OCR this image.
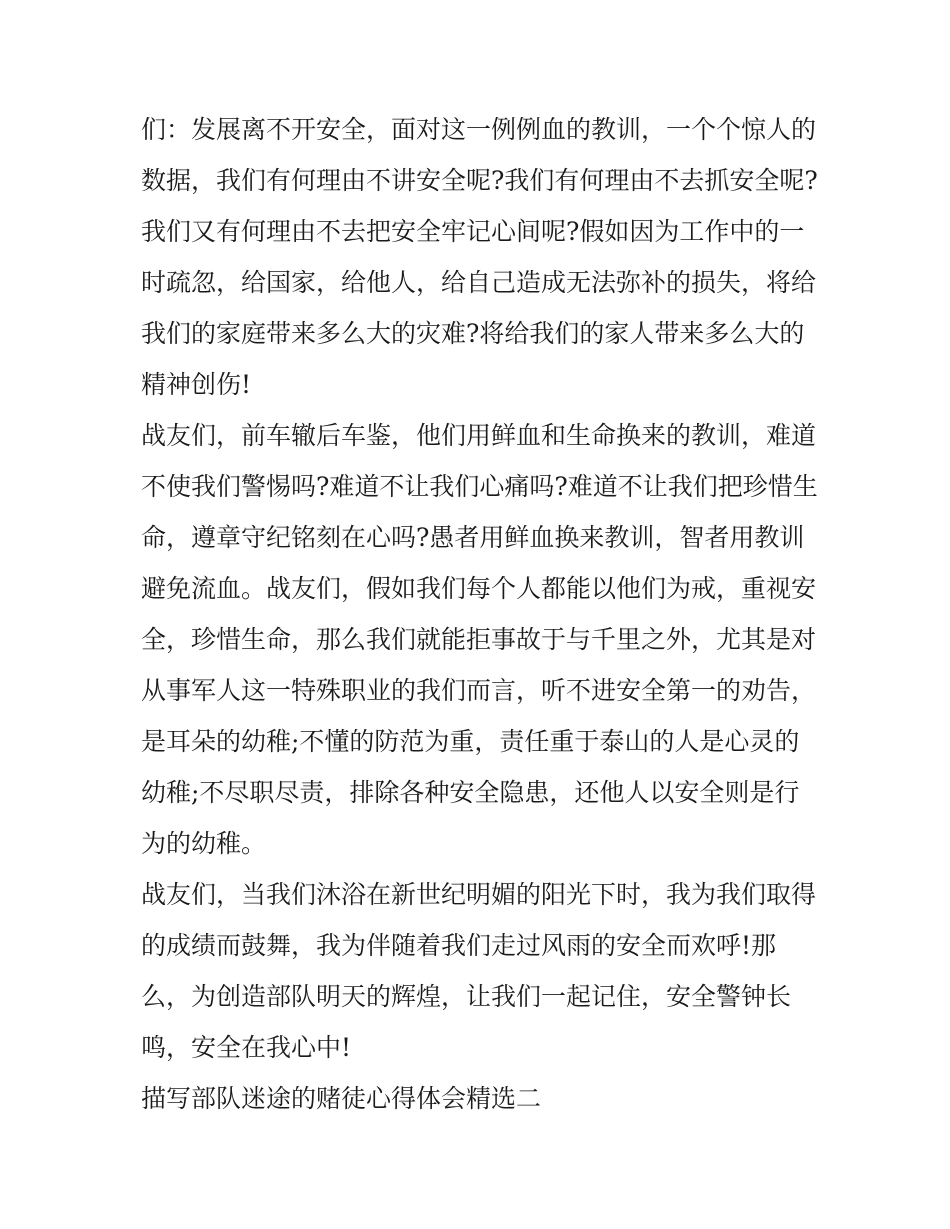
们：发展离不开安全，面对这一例例血的教训，一个个惊人的
数据，我们有何理由不讲安全呢?我们有何理由不去抓安全呢?
我们又有何理由不去把安全牢记心间呢?假如因为工作中的一
时疏忽，给国家，给他人，给自己造成无法弥补的损失，将给
我们的家庭带来多么大的灾难?将给我们的家人带来多么大的
精神创伤!
战友们，前车辙后车鉴，他们用鲜血和生命换来的教训，难道
不使我们警惕吗?难道不让我们心痛吗?难道不让我们把珍惜生
命，遵章守纪铭刻在心吗?愚者用鲜血换来教训，智者用教训
避免流血。战友们，假如我们每个人都能以他们为戒，重视安
全，珍惜生命，那么我们就能拒事故于与千里之外，尤其是对
从事军人这一特殊职业的我们而言，听不进安全第一的劝告，
是耳朵的幼稚;不懂的防范为重，责任重于泰山的人是心灵的
幼稚;不尽职尽责，排除各种安全隐患，还他人以安全则是行
为的幼稚。
战友们，当我们沐浴在新世纪明媚的阳光下时，我为我们取得
的成绩而鼓舞，我为伴随着我们走过风雨的安全而欢呼!那
么，为创造部队明天的辉煌，让我们一起记住，安全警钟长
鸣，安全在我心中!
描写部队迷途的赌徒心得体会精选二
